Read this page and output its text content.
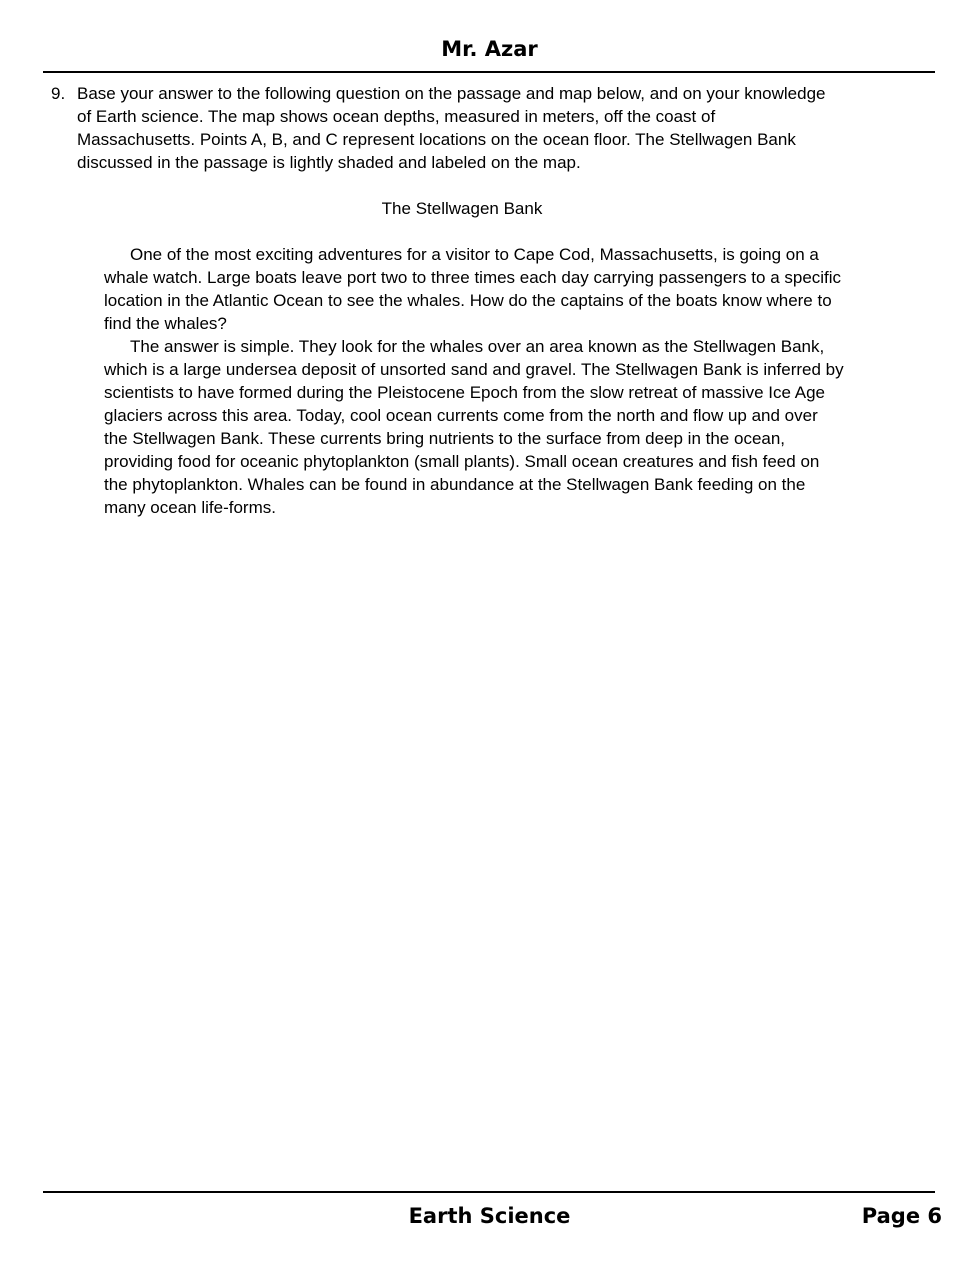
Mr. Azar
9. Base your answer to the following question on the passage and map below, and on your knowledge of Earth science. The map shows ocean depths, measured in meters, off the coast of Massachusetts. Points A, B, and C represent locations on the ocean floor. The Stellwagen Bank discussed in the passage is lightly shaded and labeled on the map.
The Stellwagen Bank

One of the most exciting adventures for a visitor to Cape Cod, Massachusetts, is going on a whale watch. Large boats leave port two to three times each day carrying passengers to a specific location in the Atlantic Ocean to see the whales. How do the captains of the boats know where to find the whales?

The answer is simple. They look for the whales over an area known as the Stellwagen Bank, which is a large undersea deposit of unsorted sand and gravel. The Stellwagen Bank is inferred by scientists to have formed during the Pleistocene Epoch from the slow retreat of massive Ice Age glaciers across this area. Today, cool ocean currents come from the north and flow up and over the Stellwagen Bank. These currents bring nutrients to the surface from deep in the ocean, providing food for oceanic phytoplankton (small plants). Small ocean creatures and fish feed on the phytoplankton. Whales can be found in abundance at the Stellwagen Bank feeding on the many ocean life-forms.

Earth Science	Page 6
